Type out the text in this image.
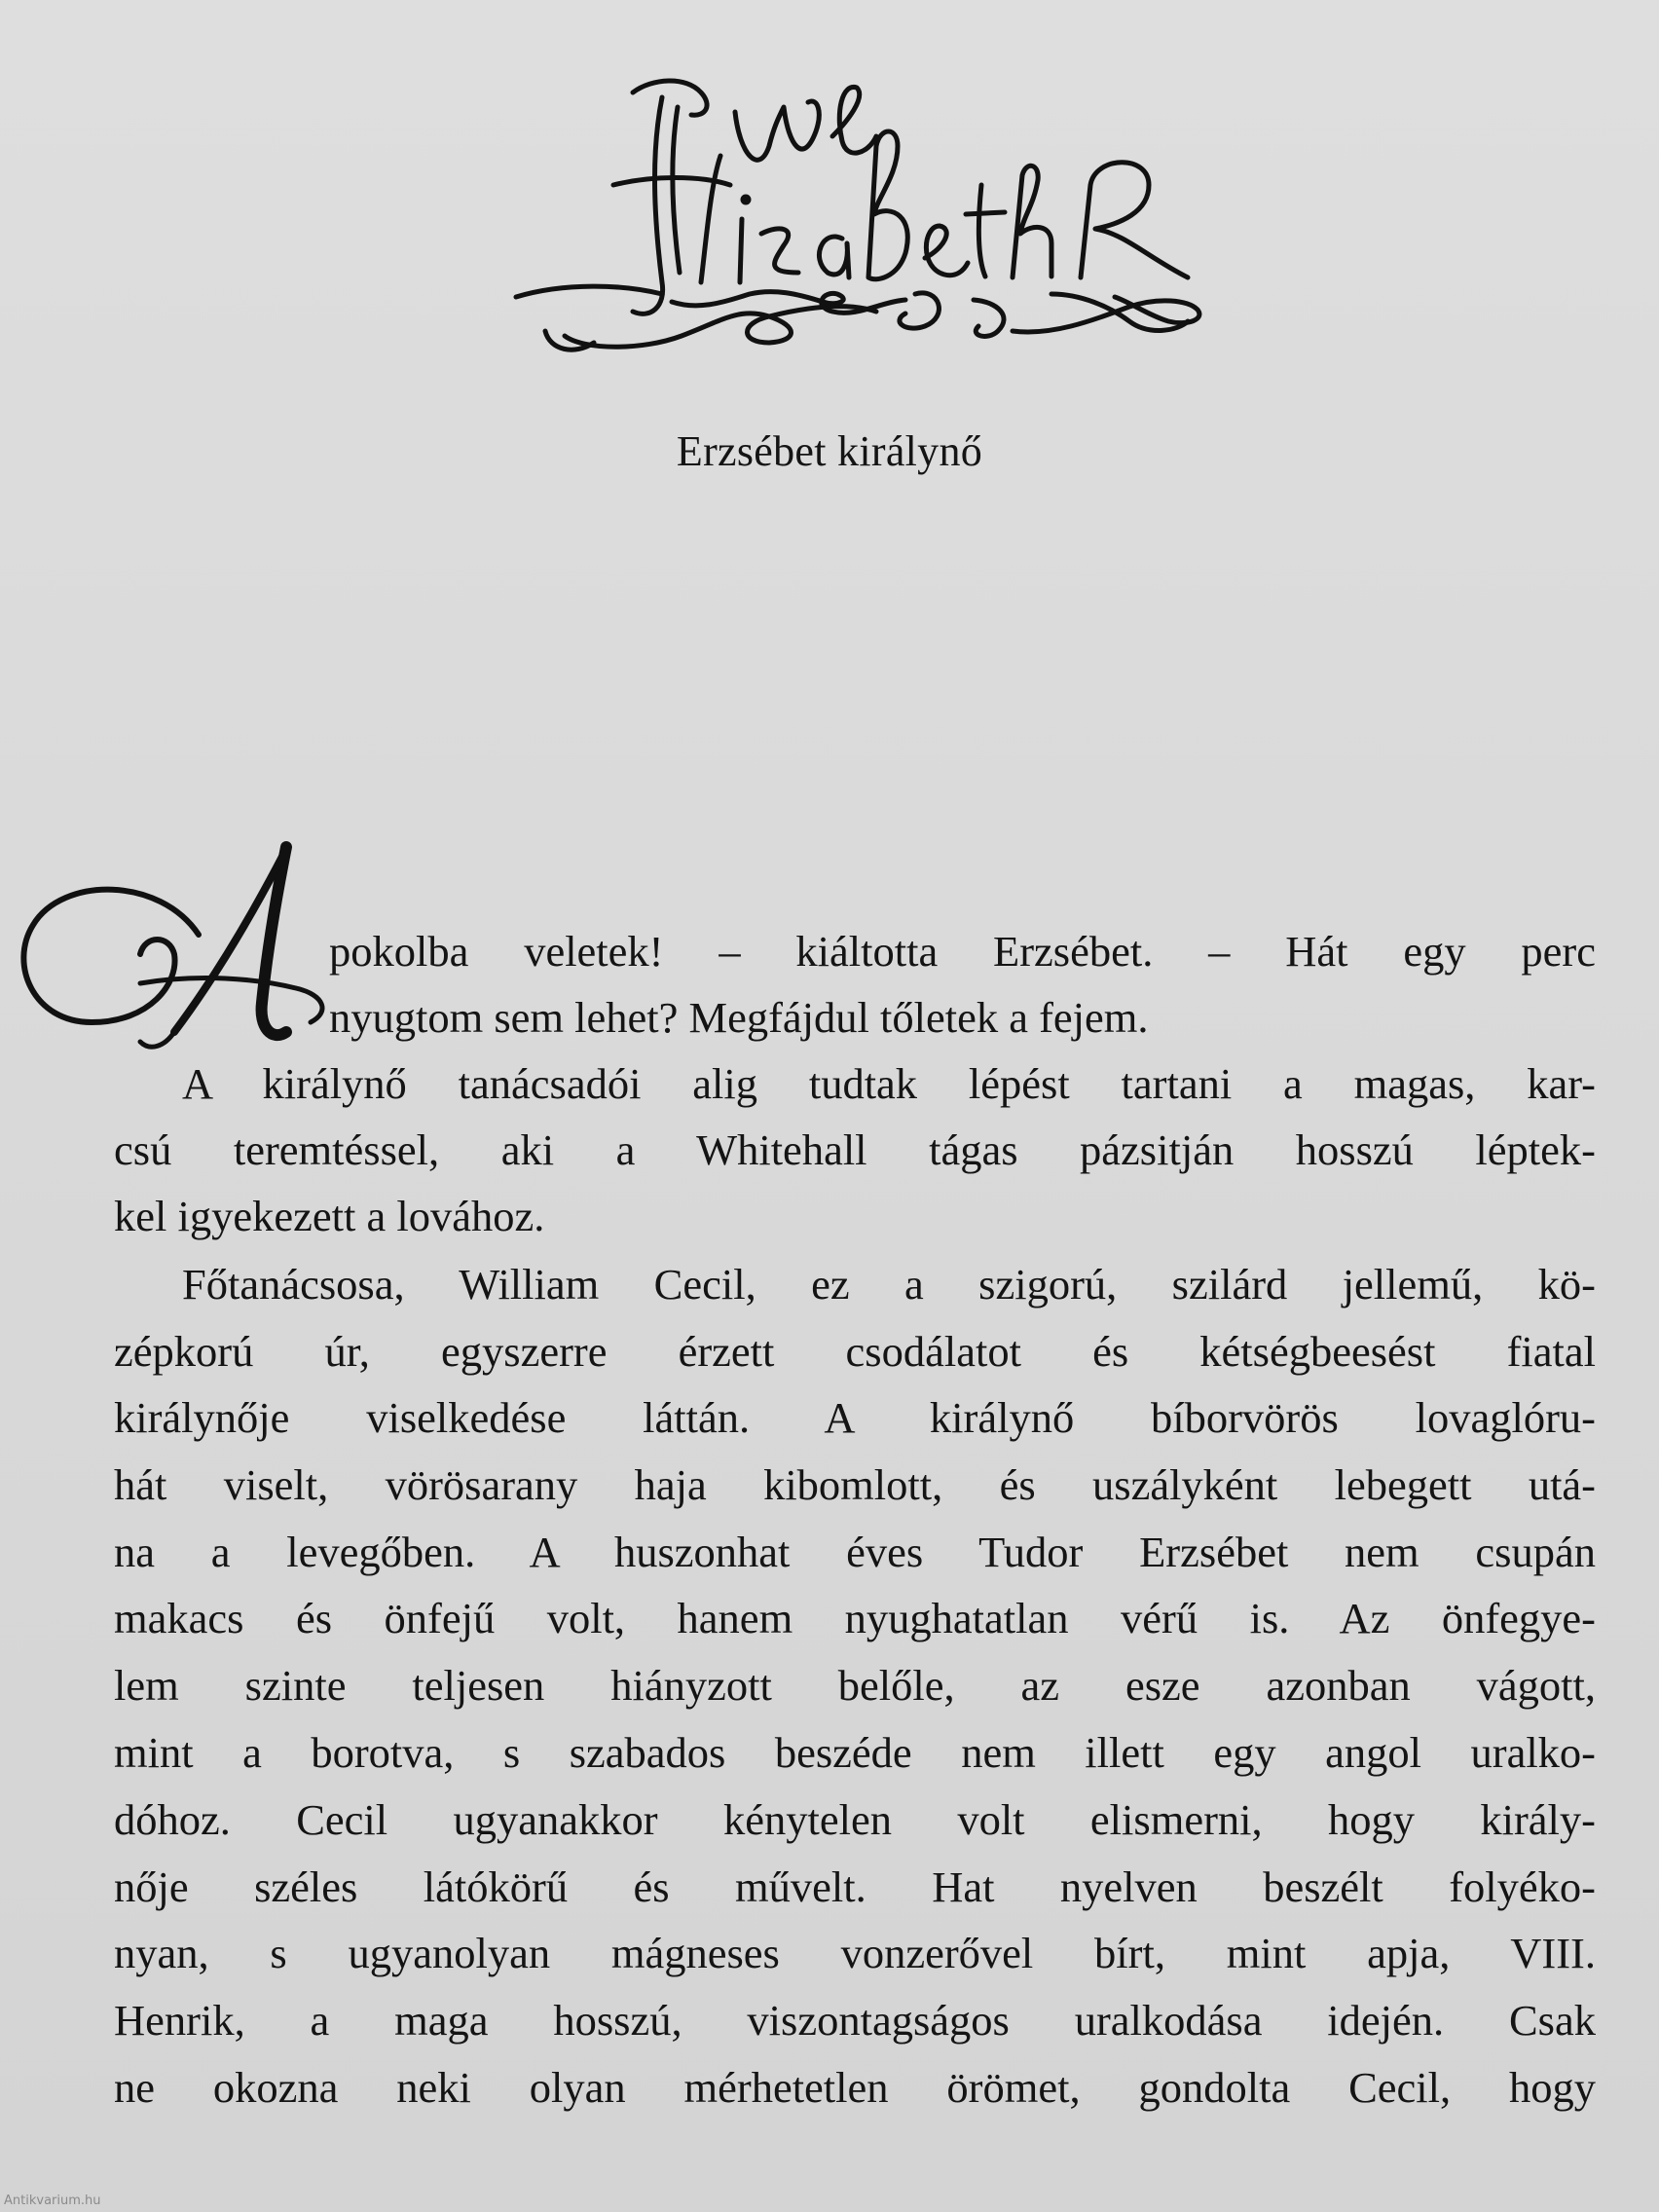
Erzsébet királynő
pokolba veletek! – kiáltotta Erzsébet. – Hát egy perc
nyugtom sem lehet? Megfájdul tőletek a fejem.
A királynő tanácsadói alig tudtak lépést tartani a magas, kar-
csú teremtéssel, aki a Whitehall tágas pázsitján hosszú léptek-
kel igyekezett a lovához.
Főtanácsosa, William Cecil, ez a szigorú, szilárd jellemű, kö-
zépkorú úr, egyszerre érzett csodálatot és kétségbeesést fiatal
királynője viselkedése láttán. A királynő bíborvörös lovaglóru-
hát viselt, vörösarany haja kibomlott, és uszályként lebegett utá-
na a levegőben. A huszonhat éves Tudor Erzsébet nem csupán
makacs és önfejű volt, hanem nyughatatlan vérű is. Az önfegye-
lem szinte teljesen hiányzott belőle, az esze azonban vágott,
mint a borotva, s szabados beszéde nem illett egy angol uralko-
dóhoz. Cecil ugyanakkor kénytelen volt elismerni, hogy király-
nője széles látókörű és művelt. Hat nyelven beszélt folyéko-
nyan, s ugyanolyan mágneses vonzerővel bírt, mint apja, VIII.
Henrik, a maga hosszú, viszontagságos uralkodása idején. Csak
ne okozna neki olyan mérhetetlen örömet, gondolta Cecil, hogy
Antikvarium.hu
